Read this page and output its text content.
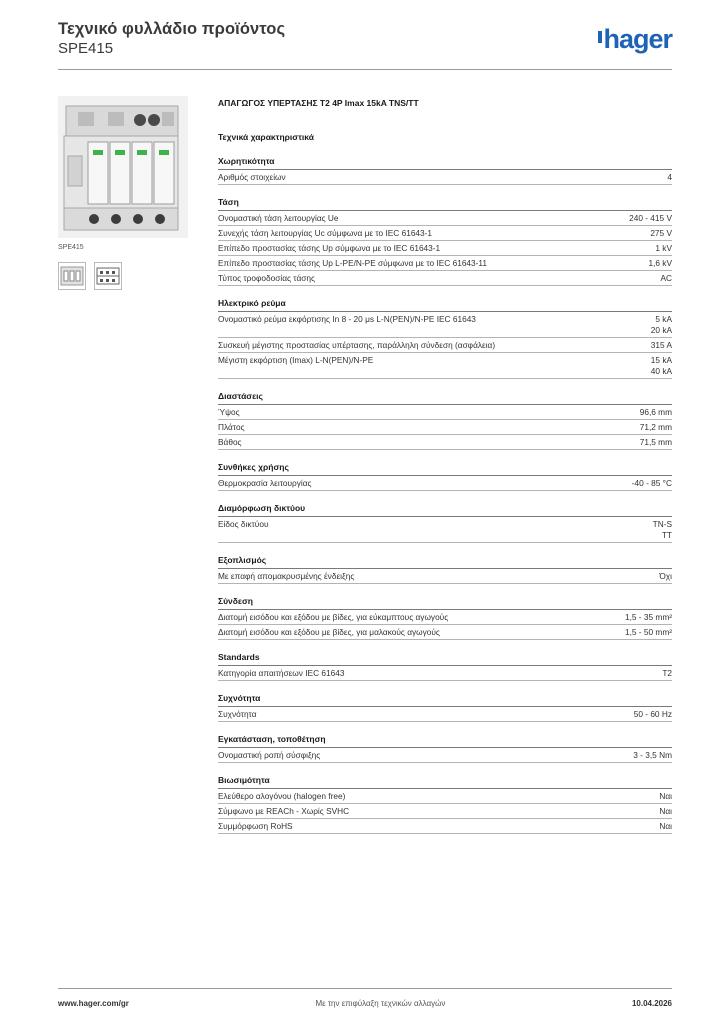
Τεχνικό φυλλάδιο προϊόντος
SPE415	hager
SPE415
ΑΠΑΓΩΓΟΣ ΥΠΕΡΤΑΣΗΣ T2 4P Imax 15kA TNS/TT
Τεχνικά χαρακτηριστικά
Χωρητικότητα
Αριθμός στοιχείων	4
Τάση
Ονομαστική τάση λειτουργίας Ue	240 - 415 V
Συνεχής τάση λειτουργίας Uc σύμφωνα με το IEC 61643-1	275 V
Επίπεδο προστασίας τάσης Up σύμφωνα με το IEC 61643-1	1 kV
Επίπεδο προστασίας τάσης Up L-PE/N-PE σύμφωνα με το IEC 61643-11	1,6 kV
Τύπος τροφοδοσίας τάσης	AC
Ηλεκτρικό ρεύμα
Ονομαστικό ρεύμα εκφόρτισης In 8 - 20 μs L-N(PEN)/N-PE IEC 61643	5 kA
20 kA
Συσκευή μέγιστης προστασίας υπέρτασης, παράλληλη σύνδεση (ασφάλεια)	315 A
Μέγιστη εκφόρτιση (Imax) L-N(PEN)/N-PE	15 kA
40 kA
Διαστάσεις
Ύψος	96,6 mm
Πλάτος	71,2 mm
Βάθος	71,5 mm
Συνθήκες χρήσης
Θερμοκρασία λειτουργίας	-40 - 85 °C
Διαμόρφωση δικτύου
Είδος δικτύου	TN-S
TT
Εξοπλισμός
Με επαφή απομακρυσμένης ένδειξης	Όχι
Σύνδεση
Διατομή εισόδου και εξόδου με βίδες, για εύκαμπτους αγωγούς	1,5 - 35 mm²
Διατομή εισόδου και εξόδου με βίδες, για μαλακούς αγωγούς	1,5 - 50 mm²
Standards
Κατηγορία απαιτήσεων IEC 61643	T2
Συχνότητα
Συχνότητα	50 - 60 Hz
Εγκατάσταση, τοποθέτηση
Ονομαστική ροπή σύσφιξης	3 - 3,5 Nm
Βιωσιμότητα
Ελεύθερο αλογόνου (halogen free)	Ναι
Σύμφωνο με REACh - Χωρίς SVHC	Ναι
Συμμόρφωση RoHS	Ναι
www.hager.com/gr	Με την επιφύλαξη τεχνικών αλλαγών	10.04.2026
